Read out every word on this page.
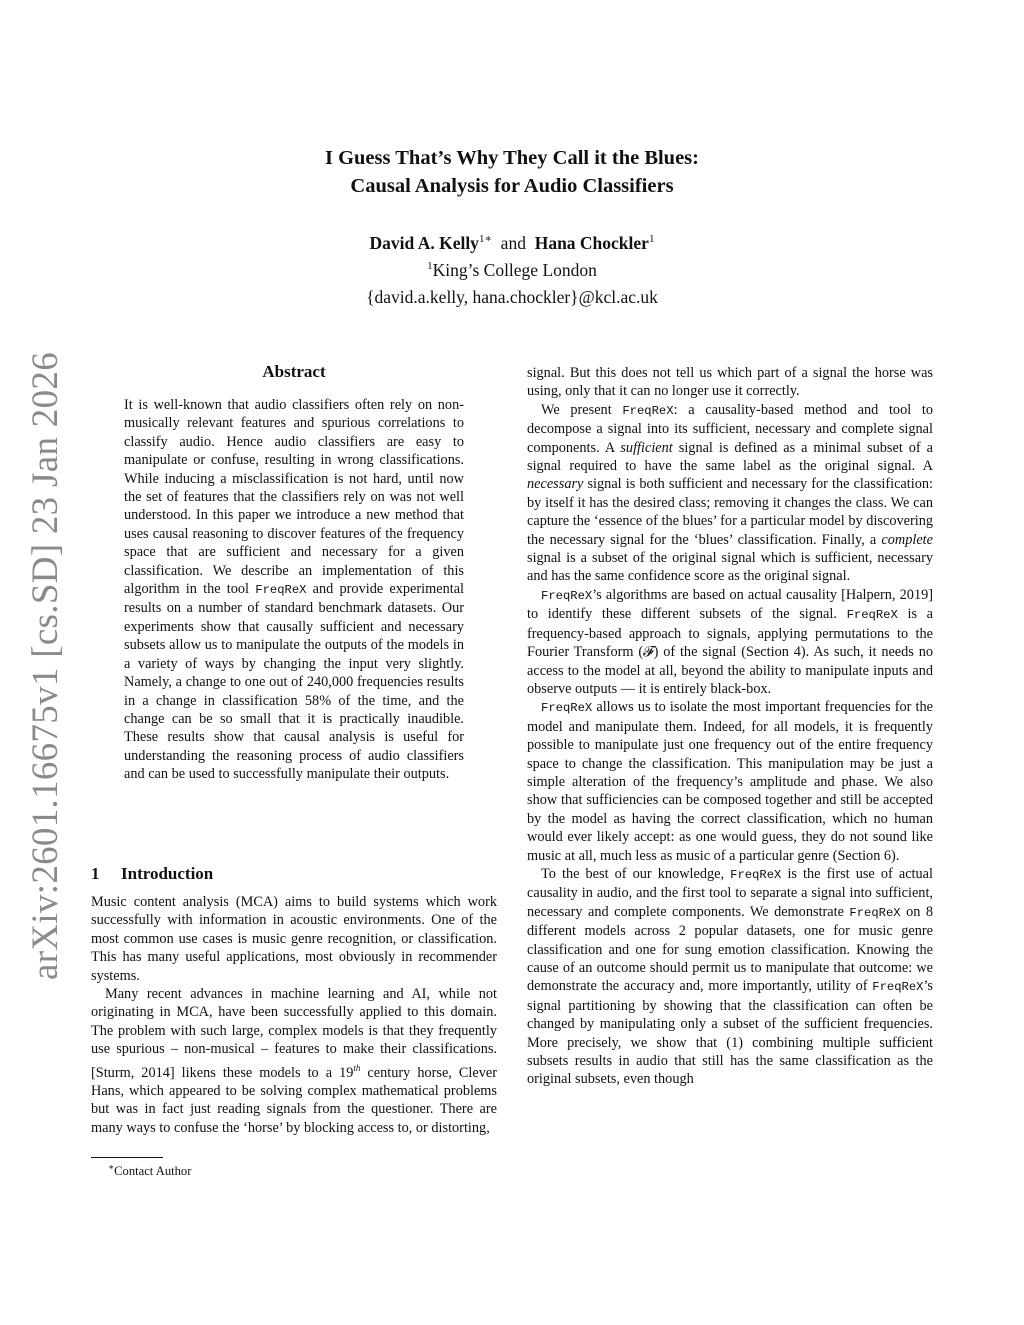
arXiv:2601.16675v1 [cs.SD] 23 Jan 2026
I Guess That’s Why They Call it the Blues:
Causal Analysis for Audio Classifiers
David A. Kelly$^{1∗}$ and Hana Chockler$^1$
$^1$King’s College London
{david.a.kelly, hana.chockler}@kcl.ac.uk
Abstract

It is well-known that audio classifiers often rely on non-musically relevant features and spurious correlations to classify audio. Hence audio classifiers are easy to manipulate or confuse, resulting in wrong classifications. While inducing a misclassification is not hard, until now the set of features that the classifiers rely on was not well understood. In this paper we introduce a new method that uses causal reasoning to discover features of the frequency space that are sufficient and necessary for a given classification. We describe an implementation of this algorithm in the tool FreqReX and provide experimental results on a number of standard benchmark datasets. Our experiments show that causally sufficient and necessary subsets allow us to manipulate the outputs of the models in a variety of ways by changing the input very slightly. Namely, a change to one out of 240,000 frequencies results in a change in classification 58% of the time, and the change can be so small that it is practically inaudible. These results show that causal analysis is useful for understanding the reasoning process of audio classifiers and can be used to successfully manipulate their outputs.

1 Introduction

Music content analysis (MCA) aims to build systems which work successfully with information in acoustic environments. One of the most common use cases is music genre recognition, or classification. This has many useful applications, most obviously in recommender systems.

Many recent advances in machine learning and AI, while not originating in MCA, have been successfully applied to this domain. The problem with such large, complex models is that they frequently use spurious – non-musical – features to make their classifications. [Sturm, 2014] likens these models to a 19th century horse, Clever Hans, which appeared to be solving complex mathematical problems but was in fact just reading signals from the questioner. There are many ways to confuse the ‘horse’ by blocking access to, or distorting,

∗Contact Author

signal. But this does not tell us which part of a signal the horse was using, only that it can no longer use it correctly.

We present FreqReX: a causality-based method and tool to decompose a signal into its sufficient, necessary and complete signal components. A sufficient signal is defined as a minimal subset of a signal required to have the same label as the original signal. A necessary signal is both sufficient and necessary for the classification: by itself it has the desired class; removing it changes the class. We can capture the ‘essence of the blues’ for a particular model by discovering the necessary signal for the ‘blues’ classification. Finally, a complete signal is a subset of the original signal which is sufficient, necessary and has the same confidence score as the original signal.

FreqReX’s algorithms are based on actual causality [Halpern, 2019] to identify these different subsets of the signal. FreqReX is a frequency-based approach to signals, applying permutations to the Fourier Transform (𝓕) of the signal (Section 4). As such, it needs no access to the model at all, beyond the ability to manipulate inputs and observe outputs — it is entirely black-box.

FreqReX allows us to isolate the most important frequencies for the model and manipulate them. Indeed, for all models, it is frequently possible to manipulate just one frequency out of the entire frequency space to change the classification. This manipulation may be just a simple alteration of the frequency’s amplitude and phase. We also show that sufficiencies can be composed together and still be accepted by the model as having the correct classification, which no human would ever likely accept: as one would guess, they do not sound like music at all, much less as music of a particular genre (Section 6).

To the best of our knowledge, FreqReX is the first use of actual causality in audio, and the first tool to separate a signal into sufficient, necessary and complete components. We demonstrate FreqReX on 8 different models across 2 popular datasets, one for music genre classification and one for sung emotion classification. Knowing the cause of an outcome should permit us to manipulate that outcome: we demonstrate the accuracy and, more importantly, utility of FreqReX’s signal partitioning by showing that the classification can often be changed by manipulating only a subset of the sufficient frequencies. More precisely, we show that (1) combining multiple sufficient subsets results in audio that still has the same classification as the original subsets, even though
